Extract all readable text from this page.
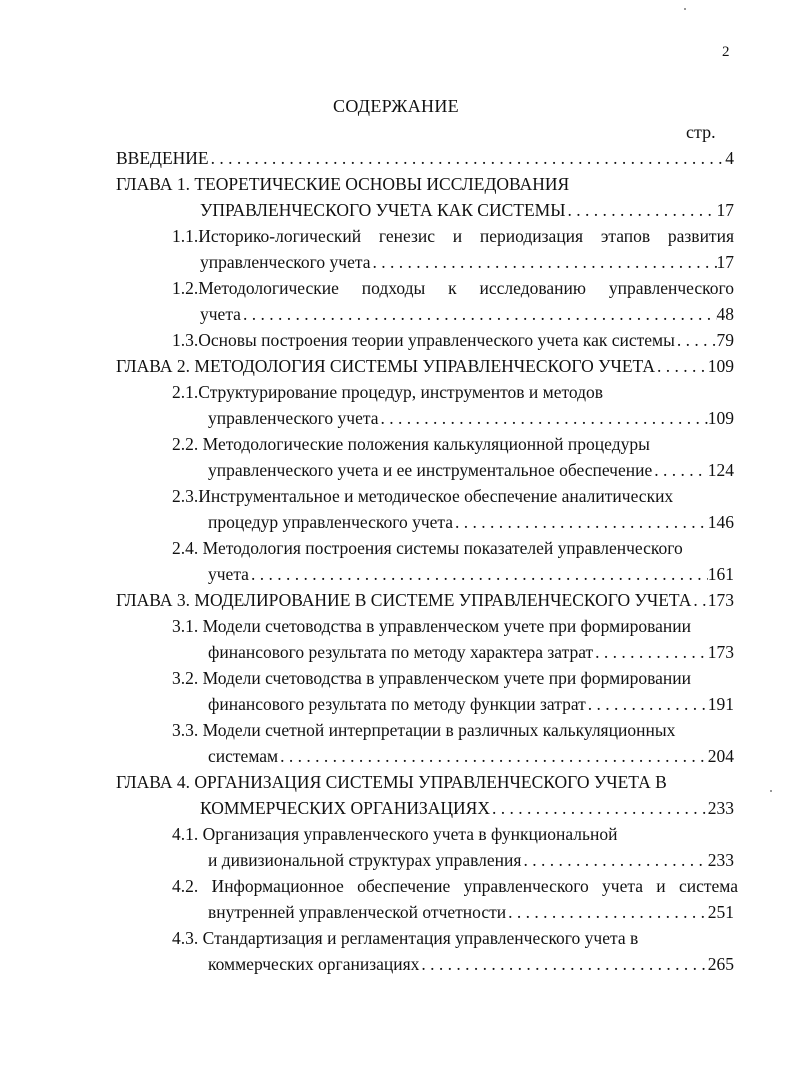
2
СОДЕРЖАНИЕ
стр.
ВВЕДЕНИЕ . . .	4
ГЛАВА 1. ТЕОРЕТИЧЕСКИЕ ОСНОВЫ ИССЛЕДОВАНИЯ
УПРАВЛЕНЧЕСКОГО УЧЕТА КАК СИСТЕМЫ . . .	17
1.1.Историко-логический генезис и периодизация этапов развития
управленческого учета . . .	17
1.2.Методологические подходы к исследованию управленческого
учета . . .	48
1.3.Основы построения теории управленческого учета как системы . . . 79
ГЛАВА 2. МЕТОДОЛОГИЯ СИСТЕМЫ УПРАВЛЕНЧЕСКОГО УЧЕТА . . .	109
2.1.Структурирование процедур, инструментов и методов
управленческого учета . . .	109
2.2. Методологические положения калькуляционной процедуры
управленческого учета и ее инструментальное обеспечение . . .	124
2.3.Инструментальное и методическое обеспечение аналитических
процедур управленческого учета . . .	146
2.4. Методология построения системы показателей управленческого
учета . . .	161
ГЛАВА 3. МОДЕЛИРОВАНИЕ В СИСТЕМЕ УПРАВЛЕНЧЕСКОГО УЧЕТА . . . 173
3.1. Модели счетоводства в управленческом учете при формировании
финансового результата по методу характера затрат . . .	173
3.2. Модели счетоводства в управленческом учете при формировании
финансового результата по методу функции затрат . . .	191
3.3. Модели счетной интерпретации в различных калькуляционных
системам . . .	204
ГЛАВА 4. ОРГАНИЗАЦИЯ СИСТЕМЫ УПРАВЛЕНЧЕСКОГО УЧЕТА В
КОММЕРЧЕСКИХ ОРГАНИЗАЦИЯХ . . .	233
4.1. Организация управленческого учета в функциональной
и дивизиональной структурах управления . . .	233
4.2. Информационное обеспечение управленческого учета и система
внутренней управленческой отчетности . . .	251
4.3. Стандартизация и регламентация управленческого учета в
коммерческих организациях . . .	265
